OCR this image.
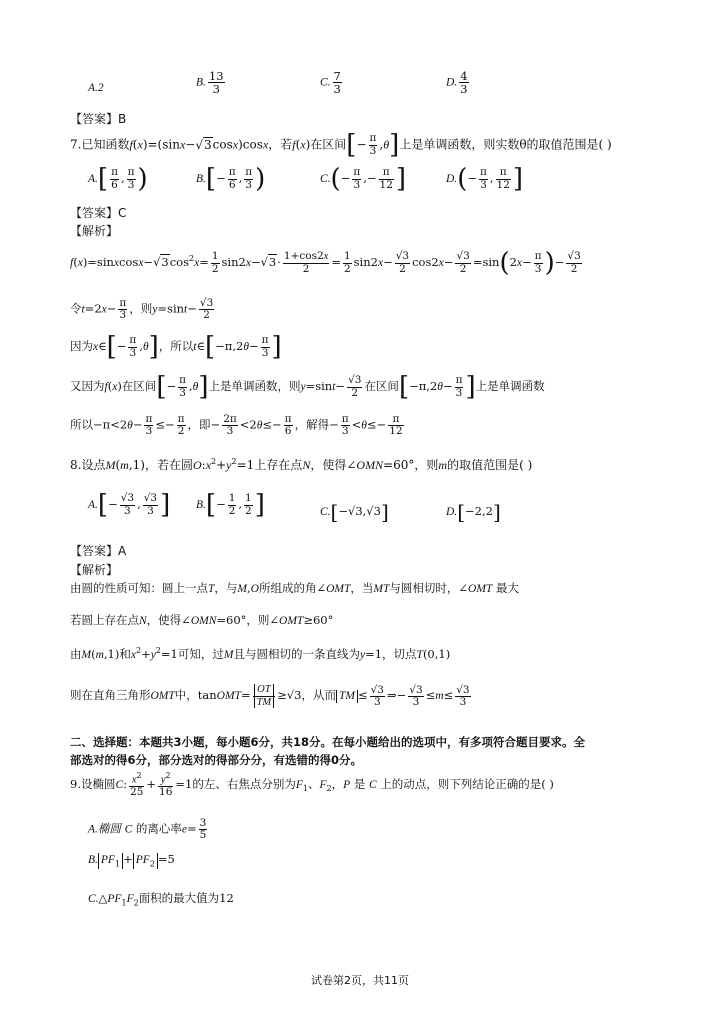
A.2	B. $\frac{13}{3}$	C. $\frac{7}{3}$	D. $\frac{4}{3}$
【答案】B
7.已知函数f(x)=(sinx−√3cosx)cosx，若f(x)在区间[− $\frac{\pi}{3} ,\theta$]上是单调函数，则实数θ的取值范围是( )
$A.[ \frac{\pi}{6}$ , $\frac{\pi}{3}$ )	$B.[- \frac{\pi}{6}$ , $\frac{\pi}{3}$ )	$C.(- \frac{\pi}{3}$ ,− $\frac{\pi}{12}$ ]	$D.(- \frac{\pi}{3}$ , $\frac{\pi}{12}$ ]
【答案】C
【解析】
$f(x)=sinxcosx-√3\cos^2x= \frac{1}{2} \sin 2x-√3\cdot \frac{1+\cos 2x}{2} = \frac{1}{2} \sin 2x- \frac{√3}{2} \cos 2x- \frac{√3}{2} =\sin(2x- \frac{\pi}{3}$ )− $\frac{√3}{2}$
令$t=2x- \frac{\pi}{3}$ ，则$y=\sin t- \frac{√3}{2}$
因为x∈[− $\frac{\pi}{3} ,\theta$]，所以t∈[−π,2θ− $\frac{\pi}{3}$ ]
又因为f(x)在区间[− $\frac{\pi}{3} ,\theta$]上是单调函数，则$y=\sin t- \frac{√3}{2}$ 在区间[$-\pi,2\theta- \frac{\pi}{3}$ ]上是单调函数
所以$-\pi<2\theta- \frac{\pi}{3} \le- \frac{\pi}{2}$ ，即− $\frac{2\pi}{3} <2\theta\le- \frac{\pi}{6}$ ，解得− $\frac{\pi}{3} <\theta\le- \frac{\pi}{12}$
8.设点M(m,1)，若在圆$O:x^2+y^2=1$上存在点N，使得∠OMN=60°，则m的取值范围是( )
$A.[- \frac{√3}{3}$ , $\frac{√3}{3}$ ] $B.[- \frac{1}{2}$ , $\frac{1}{2}$ ]	C.[−√3,√3]	D.[−2,2]
【答案】A
【解析】
由圆的性质可知：圆上一点T，与M,O所组成的角∠OMT，当MT与圆相切时，∠OMT 最大
若圆上存在点N，使得∠OMN=60°，则∠OMT≥60°
由M(m,1)和$x^2+y^2=1$可知，过M且与圆相切的一条直线为y=1，切点T(0,1)
则在直角三角形OMT中，tanOMT= $\frac{OT}{TM} \ge√3$，从而 TM ≤ $\frac{√3}{3}$ ⇒− $\frac{√3}{3} \le m\le \frac{√3}{3}$
二、选择题：本题共3小题，每小题6分，共18分。在每小题给出的选项中，有多项符合题目要求。全
部选对的得6分，部分选对的得部分分，有选错的得0分。
9.设椭圆C: $\frac{x^2}{25} + \frac{y^2}{16} =1$的左、右焦点分别为$F_1$、$F_2$，P 是 C 上的动点，则下列结论正确的是( )
A.椭圆 C 的离心率$e= \frac{3}{5}$
B. $PF_1 + PF_2 =5$
$C.\triangle PF_1F_2$面积的最大值为12
试卷第2页，共11页
